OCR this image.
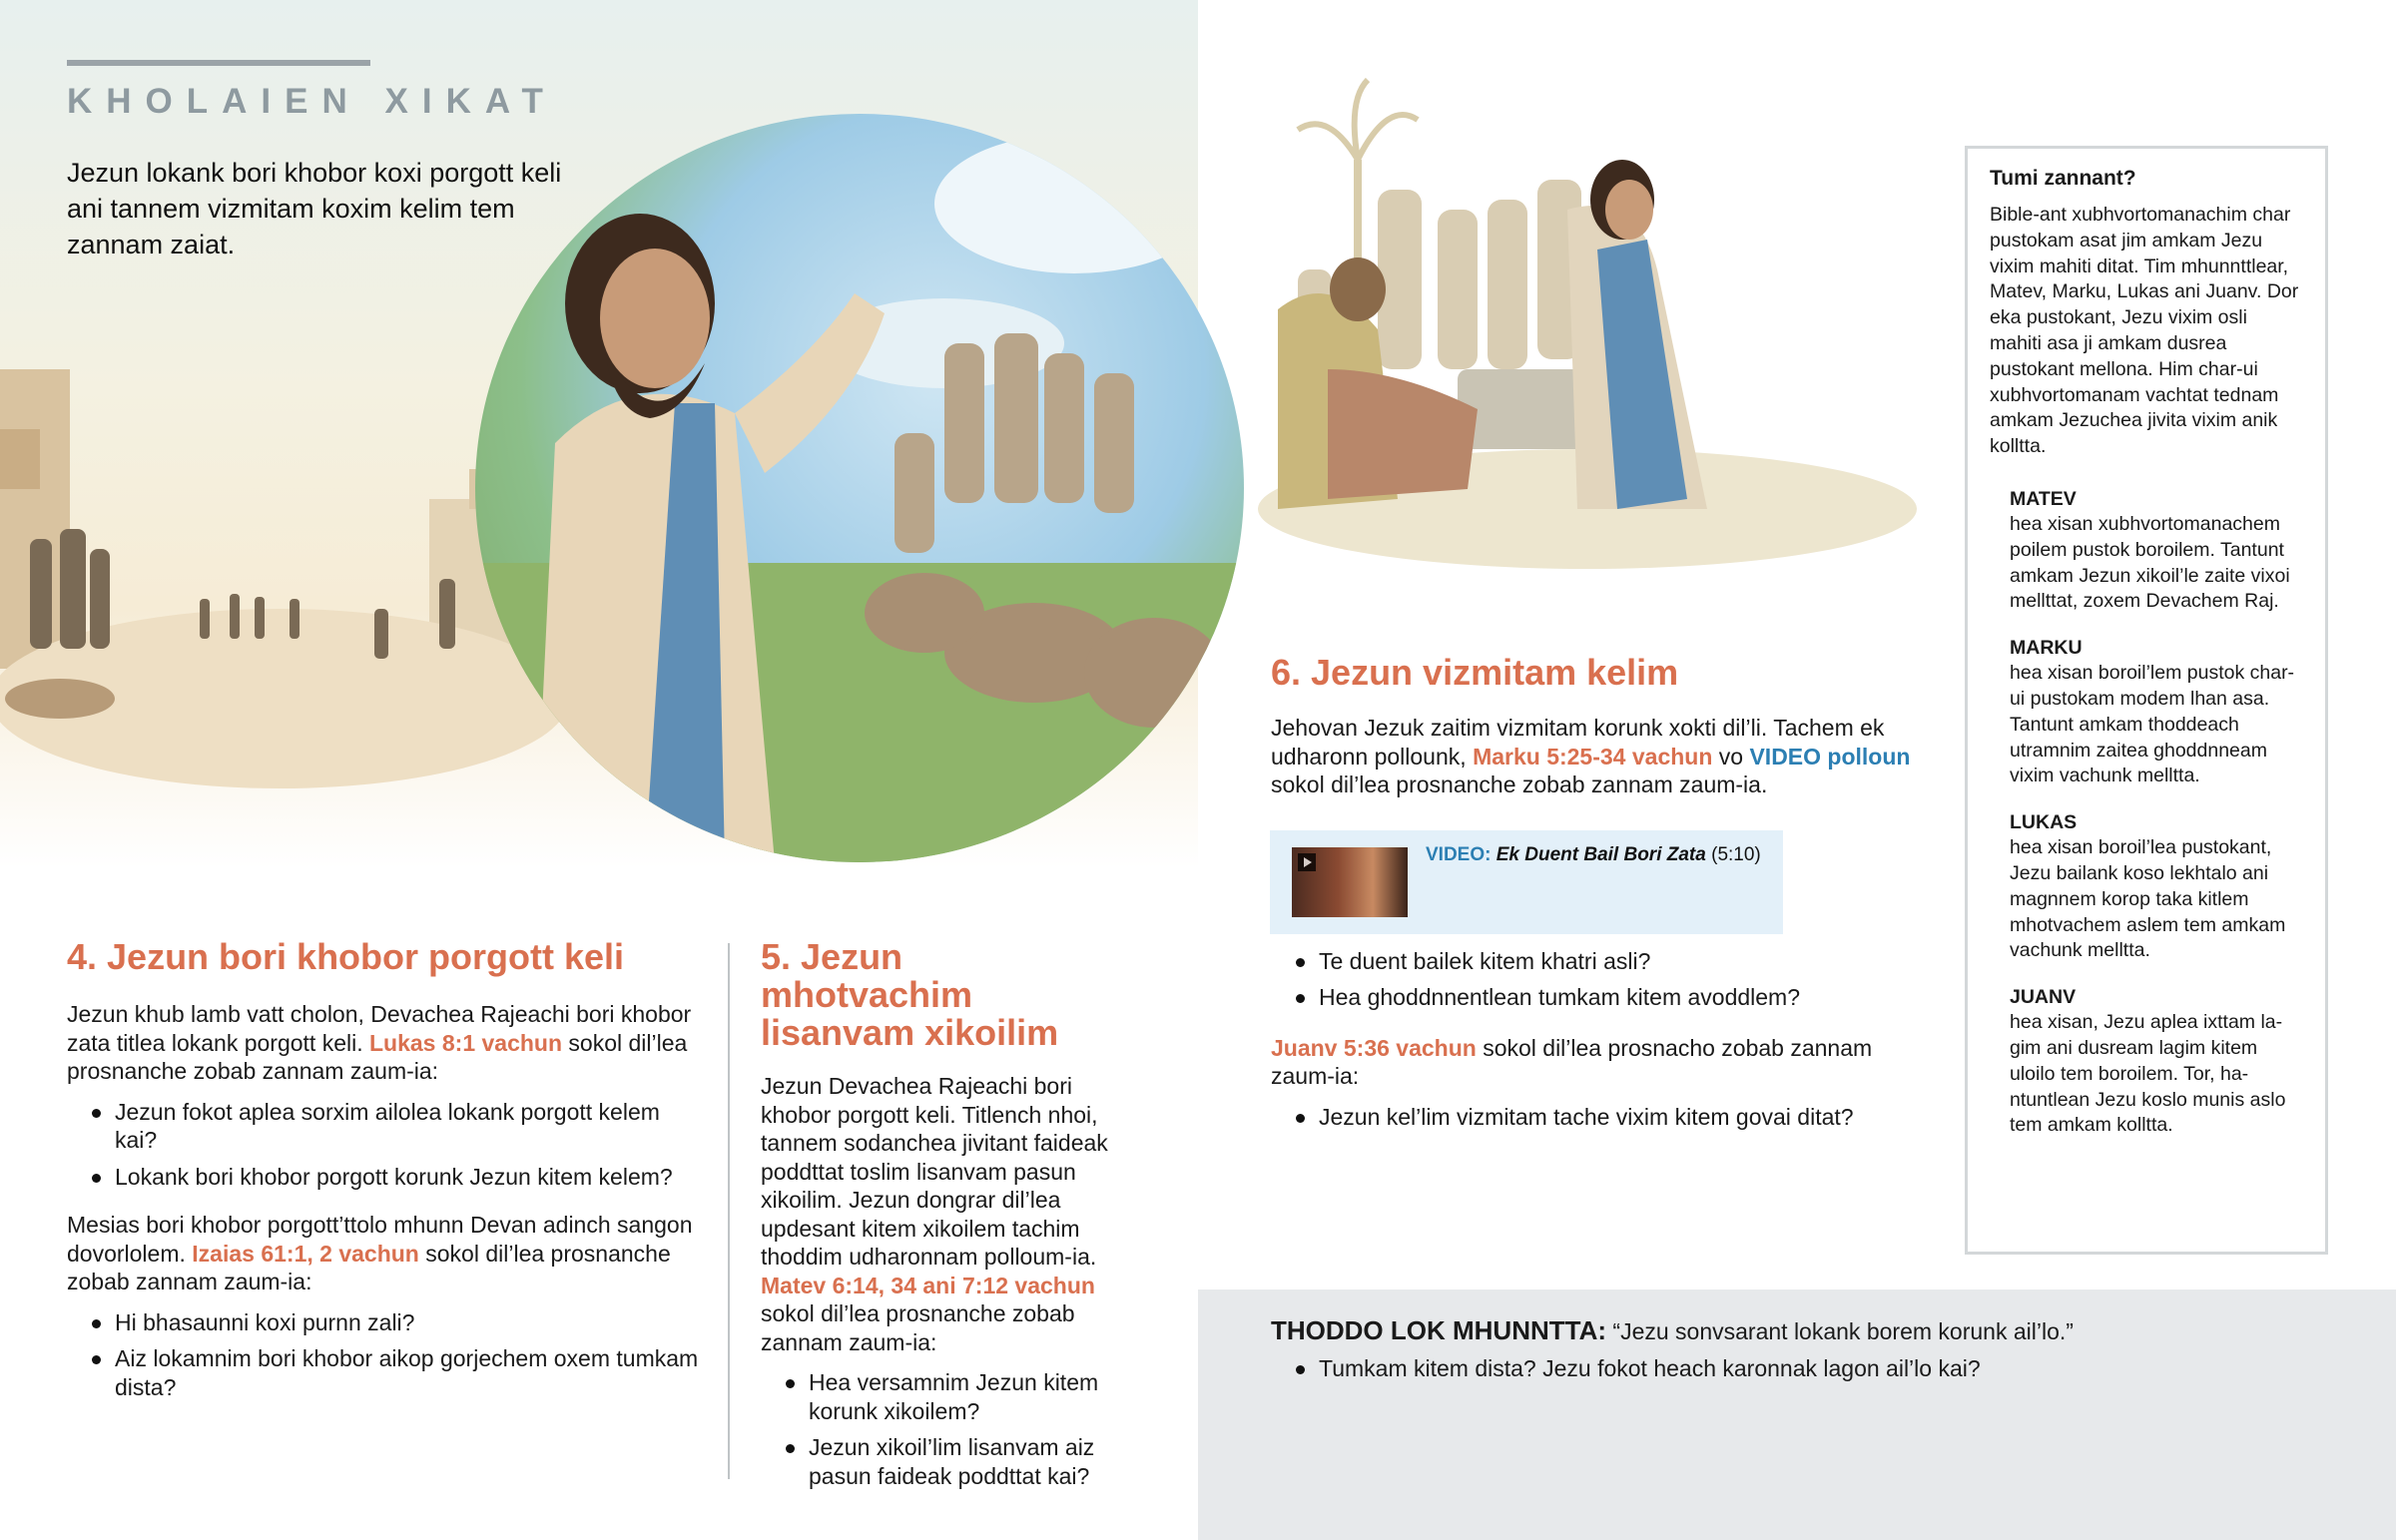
KHOLAIEN XIKAT
Jezun lokank bori khobor koxi porgott keli ani tannem vizmitam koxim kelim tem zannam zaiat.
4. Jezun bori khobor porgott keli

Jezun khub lamb vatt cholon, Devachea Rajeachi bori khobor zata titlea lokank porgott keli. Lukas 8:1 vachun sokol dil’lea prosnanche zobab zannam zaum-ia:

Jezun fokot aplea sorxim ailolea lokank porgott kelem kai?
Lokank bori khobor porgott korunk Jezun kitem kelem?

Mesias bori khobor porgott’ttolo mhunn Devan adinch sangon dovorlolem. Izaias 61:1, 2 vachun sokol dil’lea prosnanche zobab zannam zaum-ia:

Hi bhasaunni koxi purnn zali?
Aiz lokamnim bori khobor aikop gorjechem oxem tumkam dista?
5. Jezun mhotvachim lisanvam xikoilim

Jezun Devachea Rajeachi bori khobor porgott keli. Titlench nhoi, tannem sodanchea jivitant faideak poddttat toslim lisanvam pasun xikoilim. Jezun dongrar dil’lea updesant kitem xikoilem tachim thoddim udharonnam polloum-ia. Matev 6:14, 34 ani 7:12 vachun sokol dil’lea prosnanche zobab zannam zaum-ia:

Hea versamnim Jezun kitem korunk xikoilem?
Jezun xikoil’lim lisanvam aiz pasun faideak poddttat kai?
6. Jezun vizmitam kelim

Jehovan Jezuk zaitim vizmitam korunk xokti dil’li. Tachem ek udharonn pollounk, Marku 5:25-34 vachun vo VIDEO polloun sokol dil’lea prosnanche zobab zannam zaum-ia.

Te duent bailek kitem khatri asli?
Hea ghoddnnentlean tumkam kitem avoddlem?

Juanv 5:36 vachun sokol dil’lea prosnacho zobab zannam zaum-ia:

Jezun kel’lim vizmitam tache vixim kitem govai ditat?
VIDEO: Ek Duent Bail Bori Zata (5:10)
Tumi zannant?

Bible-ant xubhvortomanachim char pustokam asat jim amkam Jezu vixim mahiti ditat. Tim mhunnttlear, Matev, Marku, Lukas ani Juanv. Dor eka pustokant, Jezu vixim osli mahiti asa ji amkam dusrea pustokant mellona. Him char-ui xubhvortomanam vachtat tednam amkam Jezuchea jivita vixim anik kolltta.

MATEV

hea xisan xubhvortomanachem poilem pustok boroilem. Tantunt amkam Jezun xikoil’le zaite vixoi mellttat, zoxem Devachem Raj.

MARKU

hea xisan boroil’lem pustok char-ui pustokam modem lhan asa. Tantunt amkam thoddeach utramnim zaitea ghoddnneam vixim vachunk melltta.

LUKAS

hea xisan boroil’lea pustokant, Jezu bailank koso lekhtalo ani magnnem korop taka kitlem mhotvachem aslem tem amkam vachunk melltta.

JUANV

hea xisan, Jezu aplea ixttam la-gim ani dusream lagim kitem uloilo tem boroilem. Tor, ha-ntuntlean Jezu koslo munis aslo tem amkam kolltta.

THODDO LOK MHUNNTTA: “Jezu sonvsarant lokank borem korunk ail’lo.”
Tumkam kitem dista? Jezu fokot heach karonnak lagon ail’lo kai?
